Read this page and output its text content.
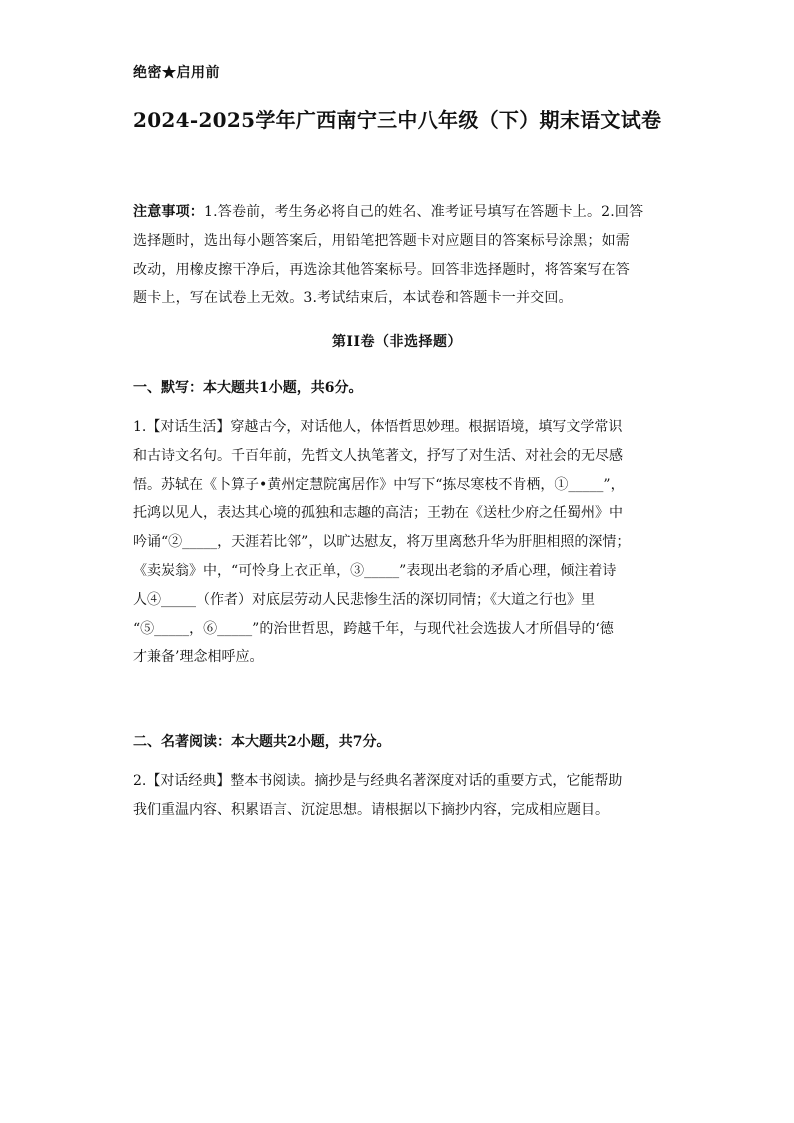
绝密★启用前
2024-2025学年广西南宁三中八年级（下）期末语文试卷
注意事项：1.答卷前，考生务必将自己的姓名、准考证号填写在答题卡上。2.回答
选择题时，选出每小题答案后，用铅笔把答题卡对应题目的答案标号涂黑；如需
改动，用橡皮擦干净后，再选涂其他答案标号。回答非选择题时，将答案写在答
题卡上，写在试卷上无效。3.考试结束后，本试卷和答题卡一并交回。
第II卷（非选择题）
一、默写：本大题共1小题，共6分。
1.【对话生活】穿越古今，对话他人，体悟哲思妙理。根据语境，填写文学常识
和古诗文名句。千百年前，先哲文人执笔著文，抒写了对生活、对社会的无尽感
悟。苏轼在《卜算子•黄州定慧院寓居作》中写下“拣尽寒枝不肯栖，①_____”，
托鸿以见人，表达其心境的孤独和志趣的高洁；王勃在《送杜少府之任蜀州》中
吟诵“②_____，天涯若比邻”，以旷达慰友，将万里离愁升华为肝胆相照的深情；
《卖炭翁》中，“可怜身上衣正单，③_____”表现出老翁的矛盾心理，倾注着诗
人④_____（作者）对底层劳动人民悲惨生活的深切同情；《大道之行也》里
“⑤_____，⑥_____”的治世哲思，跨越千年，与现代社会选拔人才所倡导的‘德
才兼备’理念相呼应。
二、名著阅读：本大题共2小题，共7分。
2.【对话经典】整本书阅读。摘抄是与经典名著深度对话的重要方式，它能帮助
我们重温内容、积累语言、沉淀思想。请根据以下摘抄内容，完成相应题目。
